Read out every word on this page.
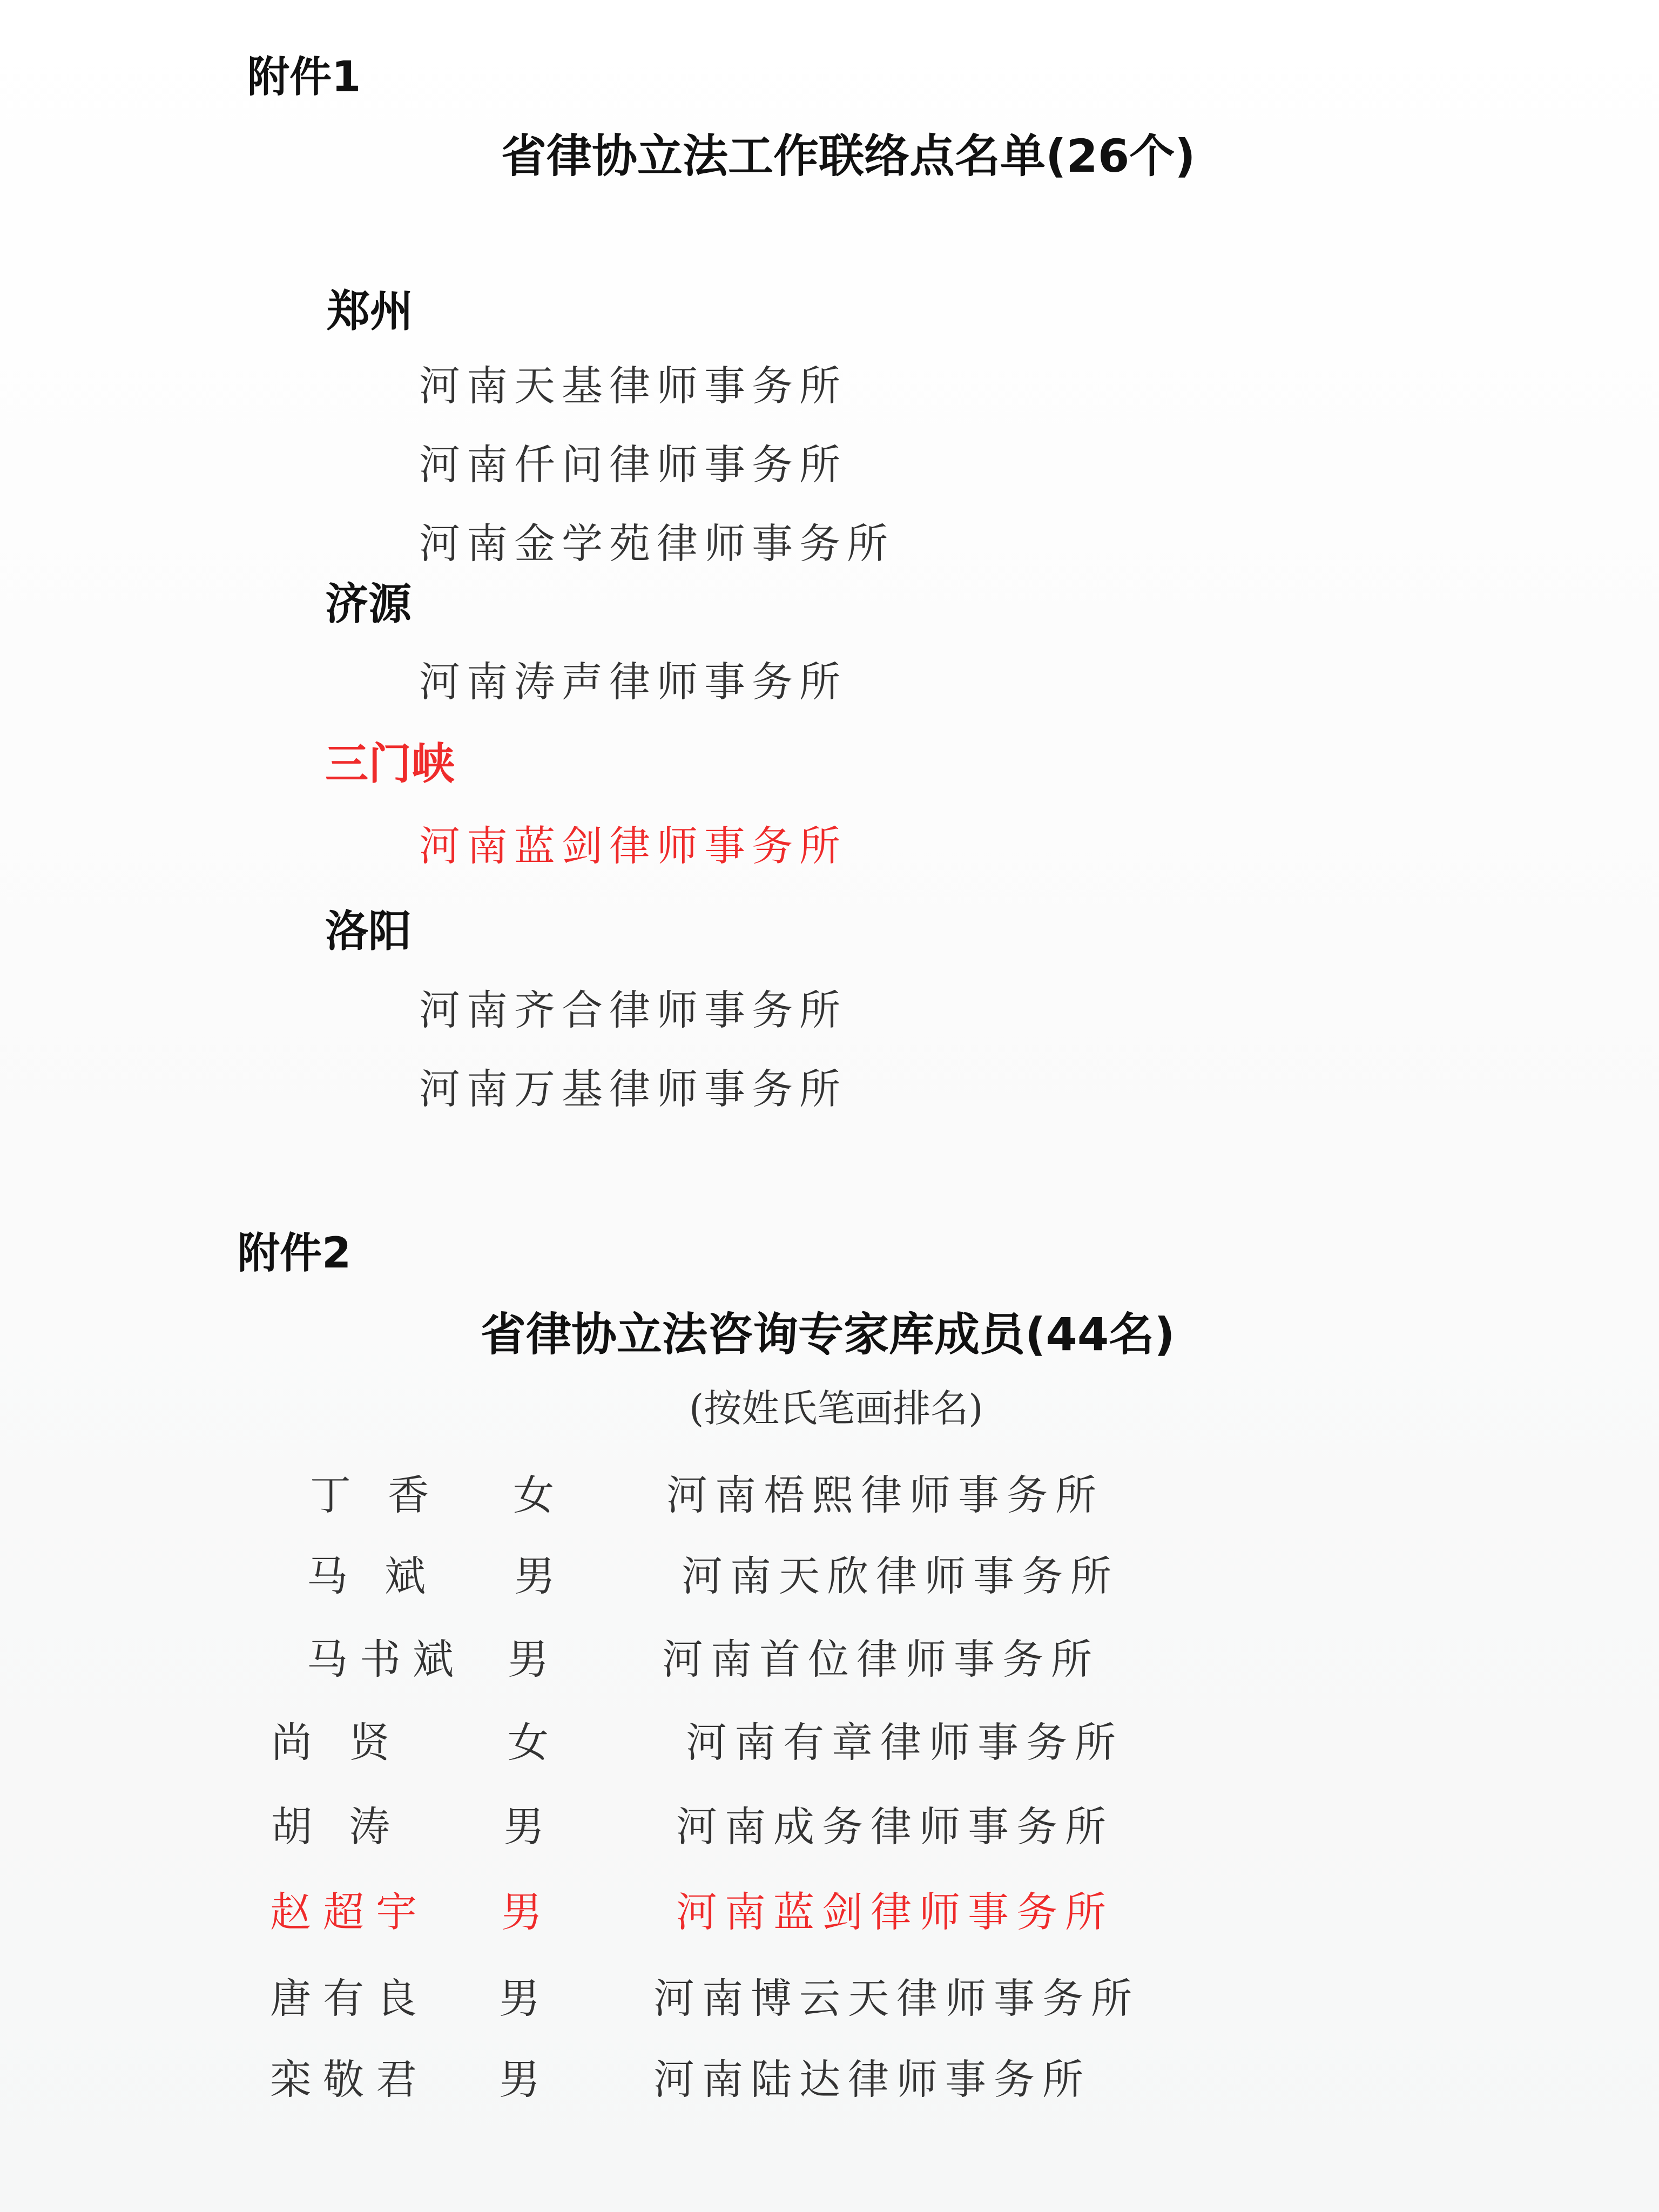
附件1
省律协立法工作联络点名单(26个)
郑州
河南天基律师事务所
河南仟问律师事务所
河南金学苑律师事务所
济源
河南涛声律师事务所
三门峡
河南蓝剑律师事务所
洛阳
河南齐合律师事务所
河南万基律师事务所
附件2
省律协立法咨询专家库成员(44名)
(按姓氏笔画排名)
丁 香 女	河南梧熙律师事务所
马 斌 男	河南天欣律师事务所
马书斌 男	河南首位律师事务所
尚 贤	女	河南有章律师事务所
胡 涛 男	河南成务律师事务所
赵超宇 男	河南蓝剑律师事务所
唐有良 男	河南博云天律师事务所
栾敬君 男	河南陆达律师事务所
